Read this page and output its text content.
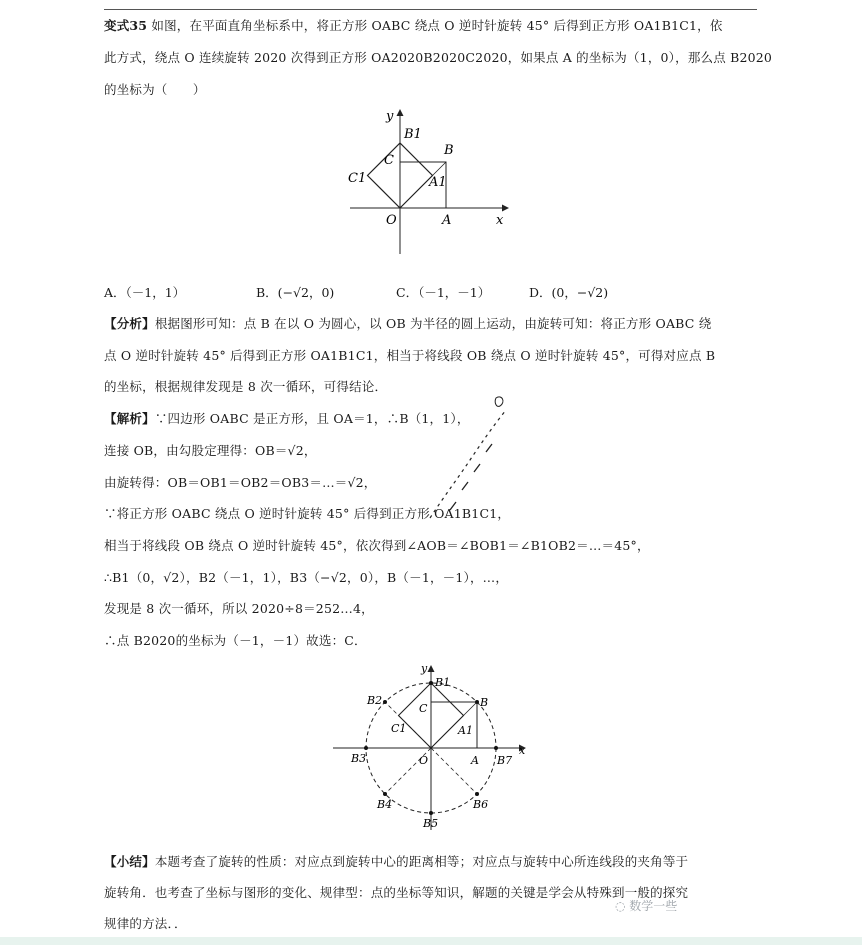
变式35 如图，在平面直角坐标系中，将正方形 OABC 绕点 O 逆时针旋转 45° 后得到正方形 OA1B1C1，依
此方式，绕点 O 连续旋转 2020 次得到正方形 OA2020B2020C2020，如果点 A 的坐标为（1，0），那么点 B2020
的坐标为（　　）
y
B1
B
C
C1	A1
O	A	x
A．（－1，1）	B．(−√2，0)	C．（－1，－1）	D．(0，−√2)
【分析】根据图形可知：点 B 在以 O 为圆心，以 OB 为半径的圆上运动，由旋转可知：将正方形 OABC 绕
点 O 逆时针旋转 45° 后得到正方形 OA1B1C1，相当于将线段 OB 绕点 O 逆时针旋转 45°，可得对应点 B
的坐标，根据规律发现是 8 次一循环，可得结论．
【解析】∵四边形 OABC 是正方形，且 OA＝1，∴B（1，1），
连接 OB，由勾股定理得：OB＝√2，
由旋转得：OB＝OB1＝OB2＝OB3＝…＝√2，
∵将正方形 OABC 绕点 O 逆时针旋转 45° 后得到正方形 OA1B1C1，
相当于将线段 OB 绕点 O 逆时针旋转 45°，依次得到∠AOB＝∠BOB1＝∠B1OB2＝…＝45°，
∴B1（0，√2），B2（－1，1），B3（−√2，0），B（－1，－1），…，
发现是 8 次一循环，所以 2020÷8＝252…4，
∴点 B2020的坐标为（－1，－1）故选：C．
y
B1
B2
C	B
C1	A1
x
B3	O	A B7
B4	B6
B5
【小结】本题考查了旋转的性质：对应点到旋转中心的距离相等；对应点与旋转中心所连线段的夹角等于
旋转角．也考查了坐标与图形的变化、规律型：点的坐标等知识，解题的关键是学会从特殊到一般的探究
规律的方法．．
◌ 数学一些
